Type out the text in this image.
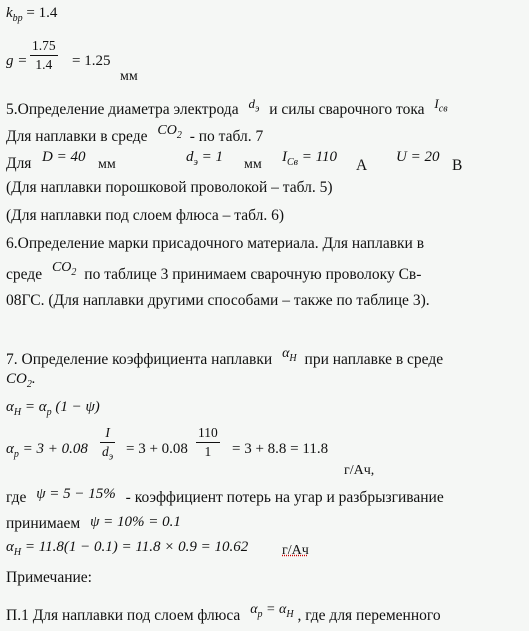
$k_{bp} = 1.4$
$g = \frac{1.75}{1.4} = 1.25$
мм
5.Определение диаметра электрода $^{d_э}$ и силы сварочного тока $^{I_{св}}$
Для наплавки в среде $CO_2$ - по табл. 7
Для D = 40 мм	$d_э = 1$ мм $I_{Св} = 110$ А U = 20 В
(Для наплавки порошковой проволокой – табл. 5)
(Для наплавки под слоем флюса – табл. 6)
6.Определение марки присадочного материала. Для наплавки в
среде $CO_2$ по таблице 3 принимаем сварочную проволоку Св-
08ГС. (Для наплавки другими способами – также по таблице 3).
7. Определение коэффициента наплавки $\alpha_Н$ при наплавке в среде
$CO_2$.
$\alpha_Н = \alpha_р$ (1 − ψ)
$\alpha_р = 3 + 0.08$
I
$d_э$
= $3 + 0.08 \frac{110}{1} = 3 + 8.8 = 11.8$
г/Ач,
где ψ = 5 − 15% - коэффициент потерь на угар и разбрызгивание
принимаем ψ = 10% = 0.1
$\alpha_Н = 11.8(1 - 0.1) = 11.8 \times 0.9 = 10.62$ г/Ач
Примечание:
П.1 Для наплавки под слоем флюса $\alpha_р = \alpha_Н$ , где для переменного
